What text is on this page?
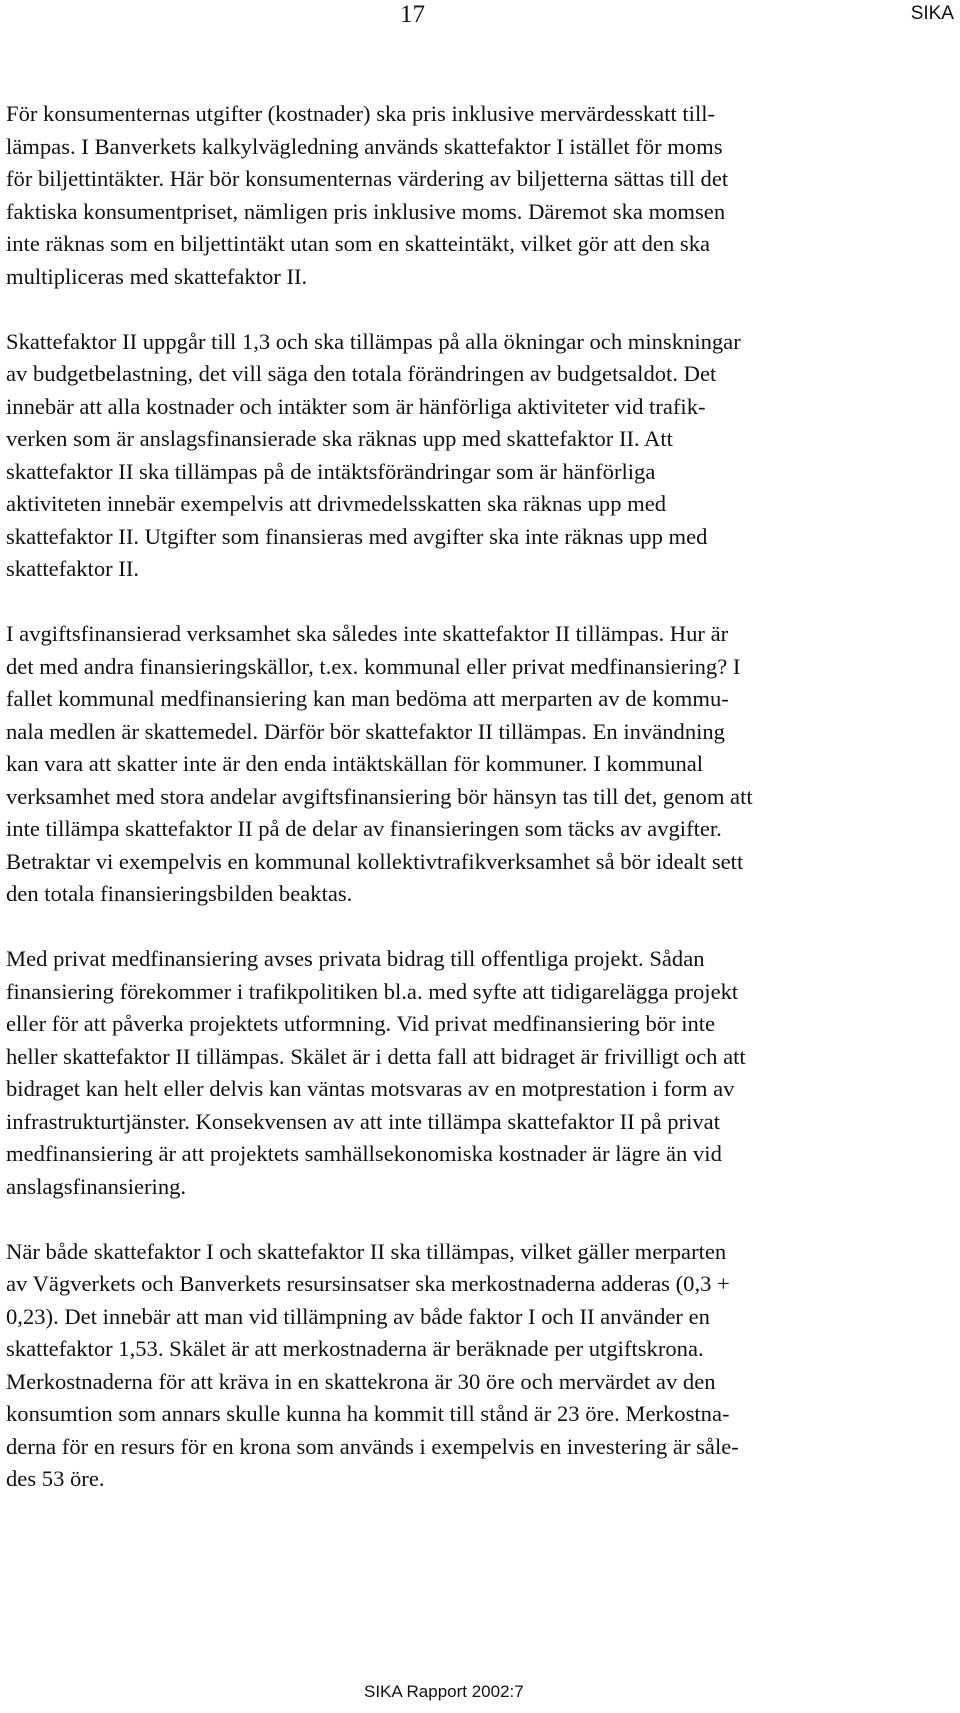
17	SIKA

För konsumenternas utgifter (kostnader) ska pris inklusive mervärdesskatt till-
lämpas. I Banverkets kalkylvägledning används skattefaktor I istället för moms
för biljettintäkter. Här bör konsumenternas värdering av biljetterna sättas till det
faktiska konsumentpriset, nämligen pris inklusive moms. Däremot ska momsen
inte räknas som en biljettintäkt utan som en skatteintäkt, vilket gör att den ska
multipliceras med skattefaktor II.

Skattefaktor II uppgår till 1,3 och ska tillämpas på alla ökningar och minskningar
av budgetbelastning, det vill säga den totala förändringen av budgetsaldot. Det
innebär att alla kostnader och intäkter som är hänförliga aktiviteter vid trafik-
verken som är anslagsfinansierade ska räknas upp med skattefaktor II. Att
skattefaktor II ska tillämpas på de intäktsförändringar som är hänförliga
aktiviteten innebär exempelvis att drivmedelsskatten ska räknas upp med
skattefaktor II. Utgifter som finansieras med avgifter ska inte räknas upp med
skattefaktor II.

I avgiftsfinansierad verksamhet ska således inte skattefaktor II tillämpas. Hur är
det med andra finansieringskällor, t.ex. kommunal eller privat medfinansiering? I
fallet kommunal medfinansiering kan man bedöma att merparten av de kommu-
nala medlen är skattemedel. Därför bör skattefaktor II tillämpas. En invändning
kan vara att skatter inte är den enda intäktskällan för kommuner. I kommunal
verksamhet med stora andelar avgiftsfinansiering bör hänsyn tas till det, genom att
inte tillämpa skattefaktor II på de delar av finansieringen som täcks av avgifter.
Betraktar vi exempelvis en kommunal kollektivtrafikverksamhet så bör idealt sett
den totala finansieringsbilden beaktas.

Med privat medfinansiering avses privata bidrag till offentliga projekt. Sådan
finansiering förekommer i trafikpolitiken bl.a. med syfte att tidigarelägga projekt
eller för att påverka projektets utformning. Vid privat medfinansiering bör inte
heller skattefaktor II tillämpas. Skälet är i detta fall att bidraget är frivilligt och att
bidraget kan helt eller delvis kan väntas motsvaras av en motprestation i form av
infrastrukturtjänster. Konsekvensen av att inte tillämpa skattefaktor II på privat
medfinansiering är att projektets samhällsekonomiska kostnader är lägre än vid
anslagsfinansiering.

När både skattefaktor I och skattefaktor II ska tillämpas, vilket gäller merparten
av Vägverkets och Banverkets resursinsatser ska merkostnaderna adderas (0,3 +
0,23). Det innebär att man vid tillämpning av både faktor I och II använder en
skattefaktor 1,53. Skälet är att merkostnaderna är beräknade per utgiftskrona.
Merkostnaderna för att kräva in en skattekrona är 30 öre och mervärdet av den
konsumtion som annars skulle kunna ha kommit till stånd är 23 öre. Merkostna-
derna för en resurs för en krona som används i exempelvis en investering är såle-
des 53 öre.

SIKA Rapport 2002:7
